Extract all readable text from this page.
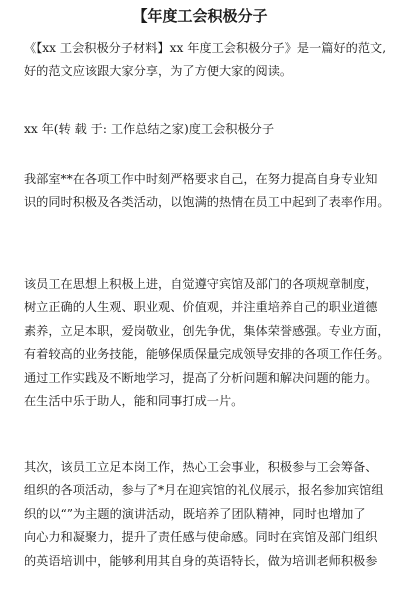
【年度工会积极分子

《【xx 工会积极分子材料】xx 年度工会积极分子》是一篇好的范文,
好的范文应该跟大家分享，为了方便大家的阅读。

xx 年(转 载 于: 工作总结之家)度工会积极分子

我部室**在各项工作中时刻严格要求自己，在努力提高自身专业知
识的同时积极及各类活动，以饱满的热情在员工中起到了表率作用。

该员工在思想上积极上进，自觉遵守宾馆及部门的各项规章制度，
树立正确的人生观、职业观、价值观，并注重培养自己的职业道德
素养，立足本职，爱岗敬业，创先争优，集体荣誉感强。专业方面，
有着较高的业务技能，能够保质保量完成领导安排的各项工作任务。
通过工作实践及不断地学习，提高了分析问题和解决问题的能力。
在生活中乐于助人，能和同事打成一片。

其次，该员工立足本岗工作，热心工会事业，积极参与工会筹备、
组织的各项活动，参与了*月在迎宾馆的礼仪展示，报名参加宾馆组
织的以“”为主题的演讲活动，既培养了团队精神，同时也增加了
向心力和凝聚力，提升了责任感与使命感。同时在宾馆及部门组织
的英语培训中，能够利用其自身的英语特长，做为培训老师积极参
